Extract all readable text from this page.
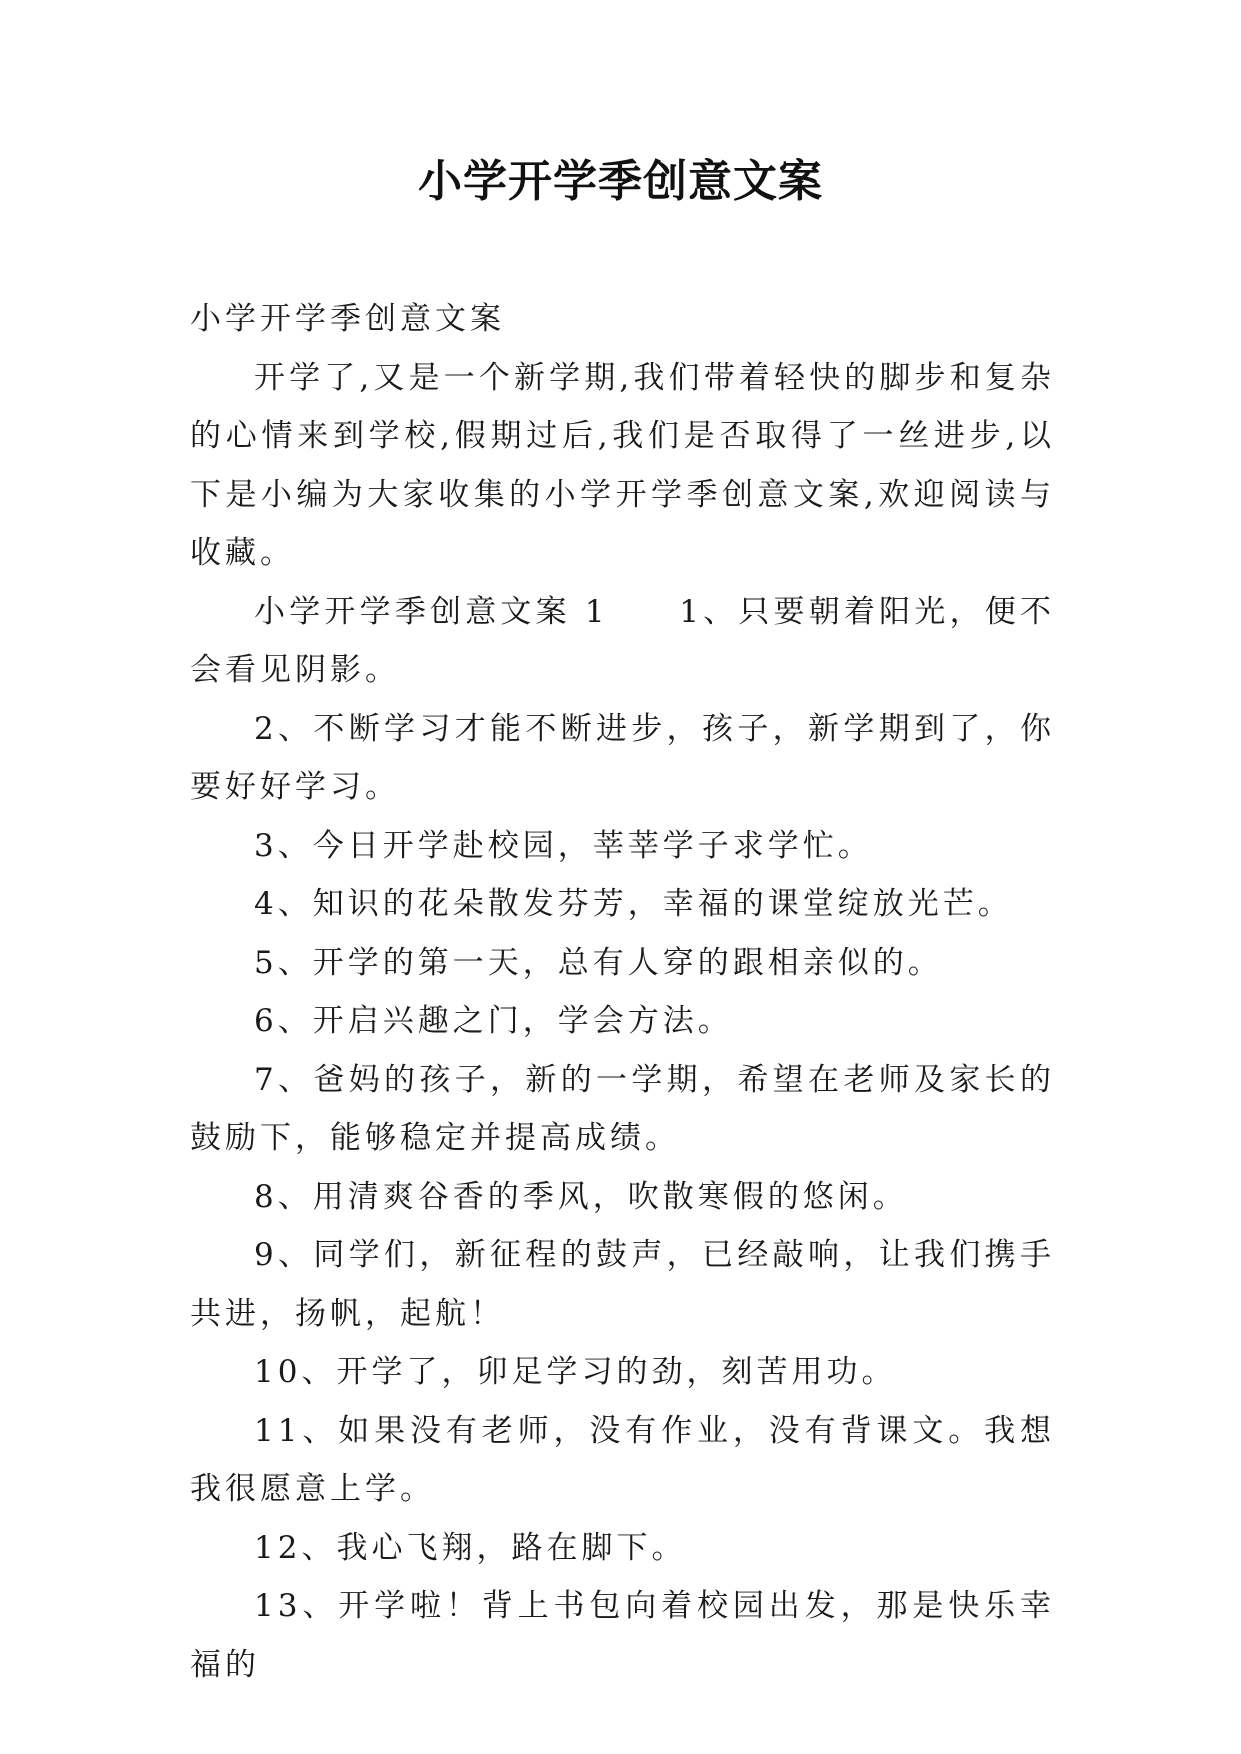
小学开学季创意文案

小学开学季创意文案

开学了,又是一个新学期,我们带着轻快的脚步和复杂的心情来到学校,假期过后,我们是否取得了一丝进步,以下是小编为大家收集的小学开学季创意文案,欢迎阅读与收藏。

小学开学季创意文案 1　　1、只要朝着阳光，便不会看见阴影。

2、不断学习才能不断进步，孩子，新学期到了，你要好好学习。

3、今日开学赴校园，莘莘学子求学忙。

4、知识的花朵散发芬芳，幸福的课堂绽放光芒。

5、开学的第一天，总有人穿的跟相亲似的。

6、开启兴趣之门，学会方法。

7、爸妈的孩子，新的一学期，希望在老师及家长的鼓励下，能够稳定并提高成绩。

8、用清爽谷香的季风，吹散寒假的悠闲。

9、同学们，新征程的鼓声，已经敲响，让我们携手共进，扬帆，起航！

10、开学了，卯足学习的劲，刻苦用功。

11、如果没有老师，没有作业，没有背课文。我想我很愿意上学。

12、我心飞翔，路在脚下。

13、开学啦！背上书包向着校园出发，那是快乐幸福的
